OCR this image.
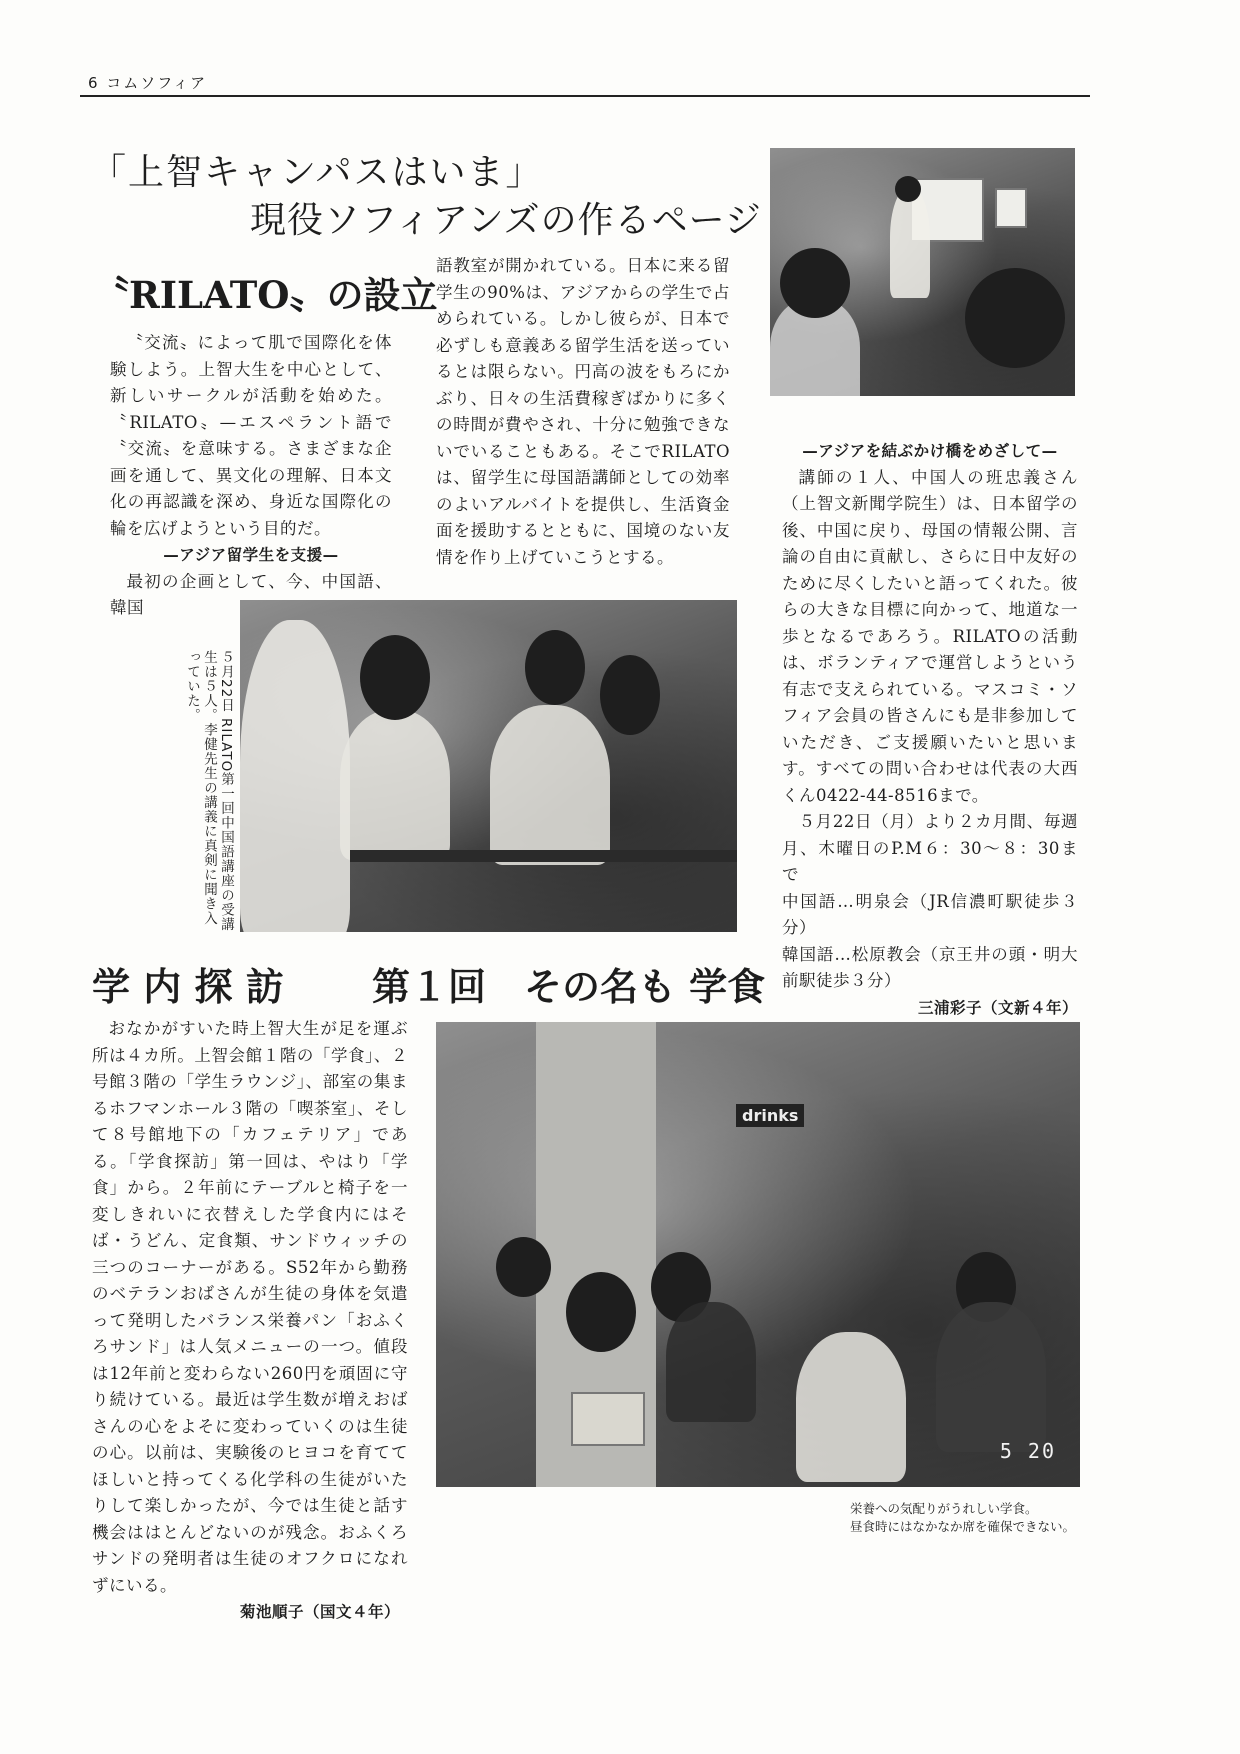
6 コムソフィア
「上智キャンパスはいま」
現役ソフィアンズの作るページ
〝RILATO〟の設立

〝交流〟によって肌で国際化を体験しよう。上智大生を中心として、新しいサークルが活動を始めた。〝RILATO〟—エスペラント語で〝交流〟を意味する。さまざまな企画を通して、異文化の理解、日本文化の再認識を深め、身近な国際化の輪を広げようという目的だ。

—アジア留学生を支援—

最初の企画として、今、中国語、韓国

語教室が開かれている。日本に来る留学生の90%は、アジアからの学生で占められている。しかし彼らが、日本で必ずしも意義ある留学生活を送っているとは限らない。円高の波をもろにかぶり、日々の生活費稼ぎばかりに多くの時間が費やされ、十分に勉強できないでいることもある。そこでRILATOは、留学生に母国語講師としての効率のよいアルバイトを提供し、生活資金面を援助するとともに、国境のない友情を作り上げていこうとする。

—アジアを結ぶかけ橋をめざして—

講師の１人、中国人の班忠義さん（上智文新聞学院生）は、日本留学の後、中国に戻り、母国の情報公開、言論の自由に貢献し、さらに日中友好のために尽くしたいと語ってくれた。彼らの大きな目標に向かって、地道な一歩となるであろう。RILATOの活動は、ボランティアで運営しようという有志で支えられている。マスコミ・ソフィア会員の皆さんにも是非参加していただき、ご支援願いたいと思います。すべての問い合わせは代表の大西くん0422-44-8516まで。

５月22日（月）より２カ月間、毎週月、木曜日のP.M６：30〜８：30まで

中国語…明泉会（JR信濃町駅徒歩３分）

韓国語…松原教会（京王井の頭・明大前駅徒歩３分）

三浦彩子（文新４年）

５月22日 RILATO第一回中国語講座の受講生は５人。李健先生の講義に真剣に聞き入っていた。
学 内 探 訪 第１回　その名も 学食

おなかがすいた時上智大生が足を運ぶ所は４カ所。上智会館１階の「学食」、２号館３階の「学生ラウンジ」、部室の集まるホフマンホール３階の「喫茶室」、そして８号館地下の「カフェテリア」である。「学食探訪」第一回は、やはり「学食」から。２年前にテーブルと椅子を一変しきれいに衣替えした学食内にはそば・うどん、定食類、サンドウィッチの三つのコーナーがある。S52年から勤務のベテランおばさんが生徒の身体を気遣って発明したバランス栄養パン「おふくろサンド」は人気メニューの一つ。値段は12年前と変わらない260円を頑固に守り続けている。最近は学生数が増えおばさんの心をよそに変わっていくのは生徒の心。以前は、実験後のヒヨコを育ててほしいと持ってくる化学科の生徒がいたりして楽しかったが、今では生徒と話す機会ははとんどないのが残念。おふくろサンドの発明者は生徒のオフクロになれずにいる。

菊池順子（国文４年）

drinks
5 20
栄養への気配りがうれしい学食。
昼食時にはなかなか席を確保できない。
